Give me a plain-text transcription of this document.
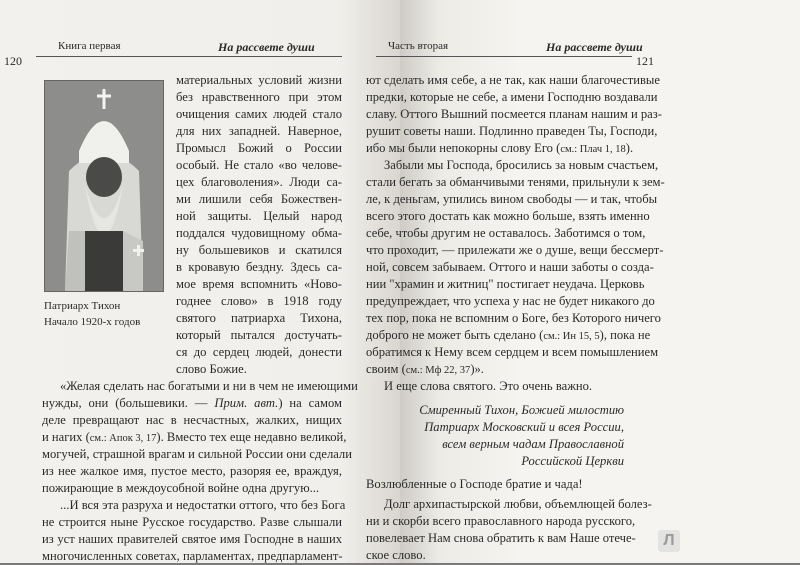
120
Книга первая	На рассвете души
Патриарх Тихон
Начало 1920-х годов
материальных условий жизни
без нравственного при этом
очищения самих людей стало
для них западней. Наверное,
Промысл Божий о России
особый. Не стало «во челове-
цех благоволения». Люди са-
ми лишили себя Божествен-
ной защиты. Целый народ
поддался чудовищному обма-
ну большевиков и скатился
в кровавую бездну. Здесь са-
мое время вспомнить «Ново-
годнее слово» в 1918 году
святого патриарха Тихона,
который пытался достучать-
ся до сердец людей, донести
слово Божие.
«Желая сделать нас богатыми и ни в чем не имеющими
нужды, они (большевики. — Прим. авт.) на самом
деле превращают нас в несчастных, жалких, нищих
и нагих (см.: Апок 3, 17). Вместо тех еще недавно великой,
могучей, страшной врагам и сильной России они сделали
из нее жалкое имя, пустое место, разоряя ее, враждуя,
пожирающие в междоусобной войне одна другую...
...И вся эта разруха и недостатки оттого, что без Бога
не строится ныне Русское государство. Разве слышали
из уст наших правителей святое имя Господне в наших
многочисленных советах, парламентах, предпарламент-
Часть вторая	На рассвете души
121
ют сделать имя себе, а не так, как наши благочестивые
предки, которые не себе, а имени Господню воздавали
славу. Оттого Вышний посмеется планам нашим и раз-
рушит советы наши. Подлинно праведен Ты, Господи,
ибо мы были непокорны слову Его (см.: Плач 1, 18).
Забыли мы Господа, бросились за новым счастьем,
стали бегать за обманчивыми тенями, прильнули к зем-
ле, к деньгам, упились вином свободы — и так, чтобы
всего этого достать как можно больше, взять именно
себе, чтобы другим не оставалось. Заботимся о том,
что проходит, — прилежати же о душе, вещи бессмерт-
ной, совсем забываем. Оттого и наши заботы о созда-
нии "храмин и житниц" постигает неудача. Церковь
предупреждает, что успеха у нас не будет никакого до
тех пор, пока не вспомним о Боге, без Которого ничего
доброго не может быть сделано (см.: Ин 15, 5), пока не
обратимся к Нему всем сердцем и всем помышлением
своим (см.: Мф 22, 37)».
И еще слова святого. Это очень важно.
Смиренный Тихон, Божией милостию
Патриарх Московский и всея России,
всем верным чадам Православной
Российской Церкви
Возлюбленные о Господе братие и чада!
Долг архипастырской любви, объемлющей болез-
ни и скорби всего православного народа русского,
повелевает Нам снова обратить к вам Наше отече-
ское слово.
Л
